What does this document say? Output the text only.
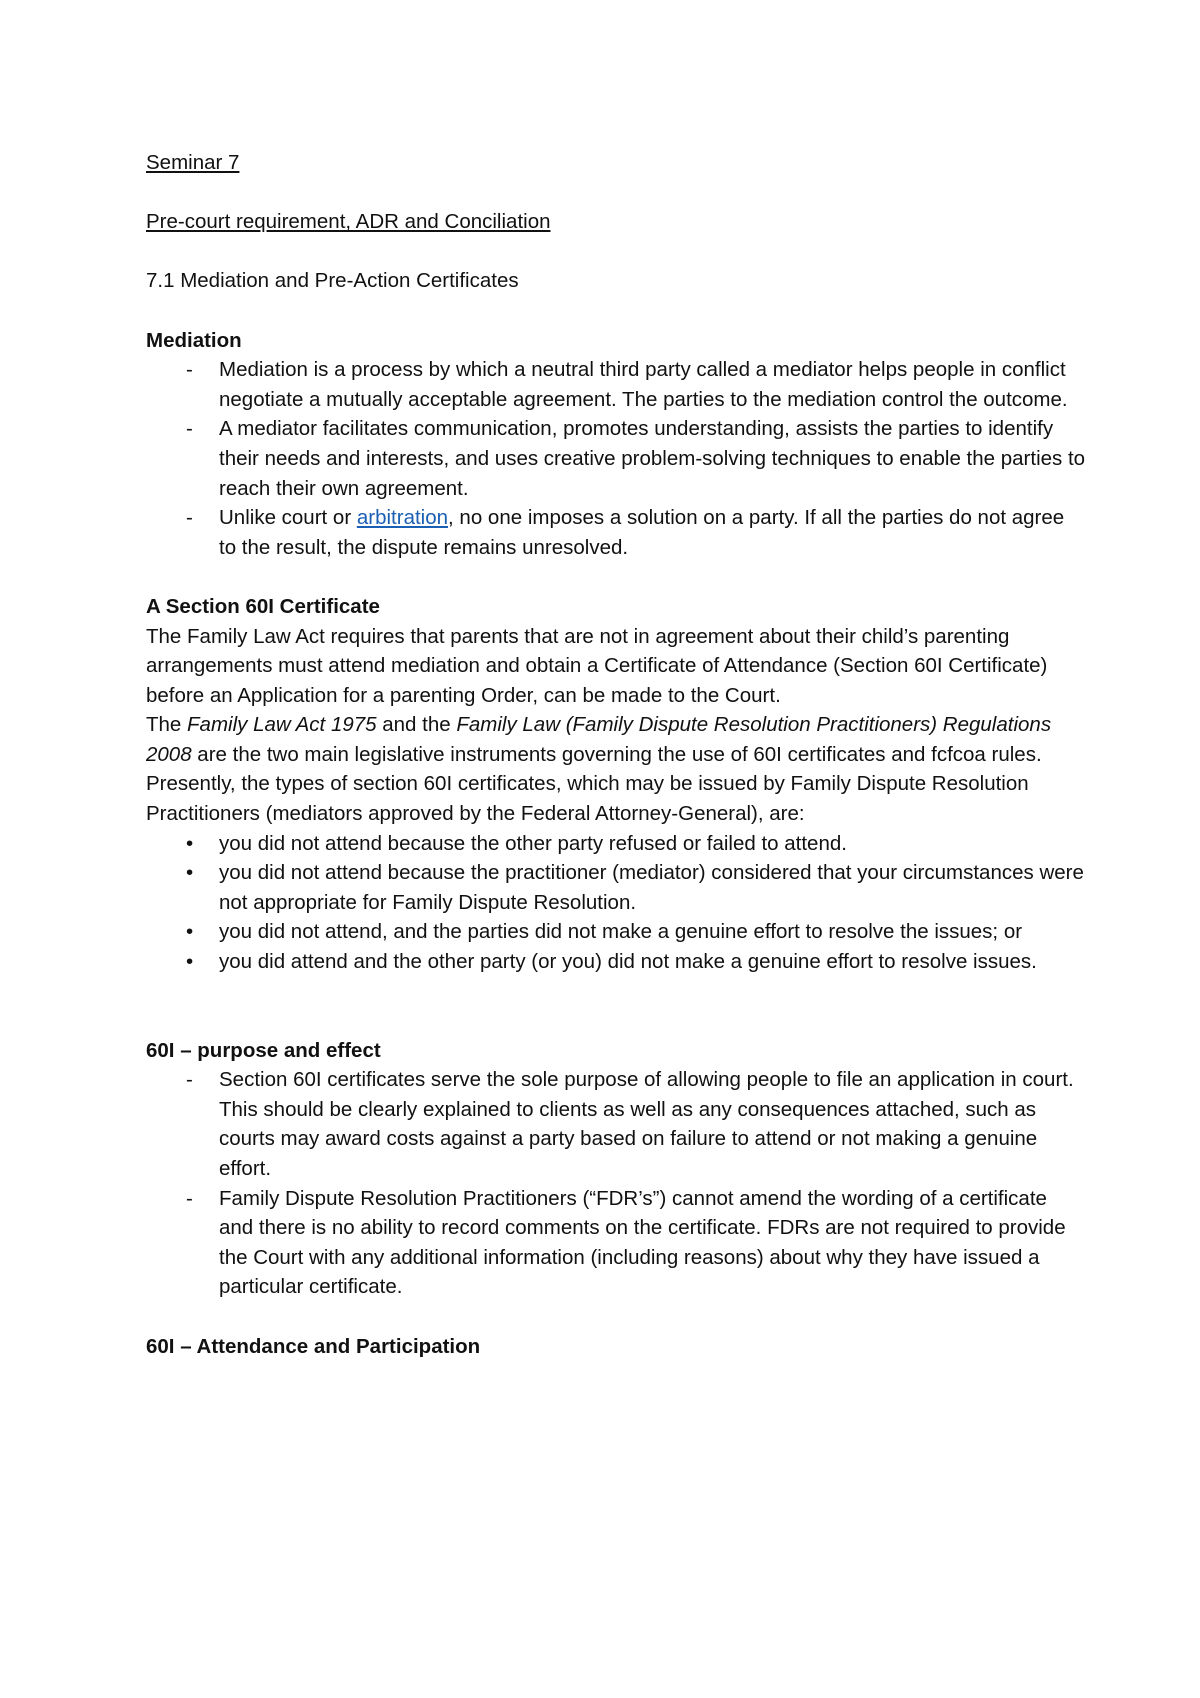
Seminar 7

Pre-court requirement, ADR and Conciliation

7.1 Mediation and Pre-Action Certificates

Mediation

-	Mediation is a process by which a neutral third party called a mediator helps people in conflict negotiate a mutually acceptable agreement. The parties to the mediation control the outcome.
-	A mediator facilitates communication, promotes understanding, assists the parties to identify their needs and interests, and uses creative problem-solving techniques to enable the parties to reach their own agreement.
-	Unlike court or arbitration, no one imposes a solution on a party. If all the parties do not agree to the result, the dispute remains unresolved.

A Section 60I Certificate

The Family Law Act requires that parents that are not in agreement about their child’s parenting arrangements must attend mediation and obtain a Certificate of Attendance (Section 60I Certificate) before an Application for a parenting Order, can be made to the Court.

The Family Law Act 1975 and the Family Law (Family Dispute Resolution Practitioners) Regulations 2008 are the two main legislative instruments governing the use of 60I certificates and fcfcoa rules.

Presently, the types of section 60I certificates, which may be issued by Family Dispute Resolution Practitioners (mediators approved by the Federal Attorney-General), are:

•	you did not attend because the other party refused or failed to attend.
•	you did not attend because the practitioner (mediator) considered that your circumstances were not appropriate for Family Dispute Resolution.
•	you did not attend, and the parties did not make a genuine effort to resolve the issues; or
•	you did attend and the other party (or you) did not make a genuine effort to resolve issues.

60I – purpose and effect

-	Section 60I certificates serve the sole purpose of allowing people to file an application in court. This should be clearly explained to clients as well as any consequences attached, such as courts may award costs against a party based on failure to attend or not making a genuine effort.
-	Family Dispute Resolution Practitioners (“FDR’s”) cannot amend the wording of a certificate and there is no ability to record comments on the certificate. FDRs are not required to provide the Court with any additional information (including reasons) about why they have issued a particular certificate.

60I – Attendance and Participation
